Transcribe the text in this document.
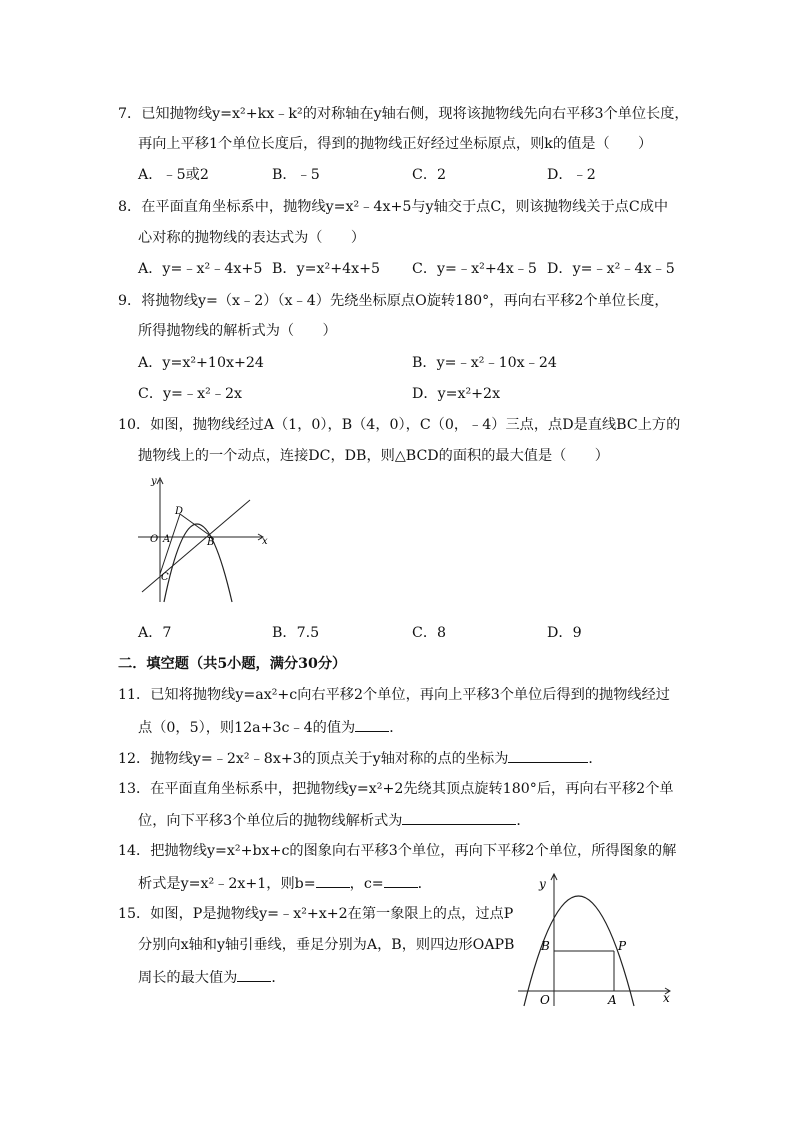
7．已知抛物线y=x²+kx﹣k²的对称轴在y轴右侧，现将该抛物线先向右平移3个单位长度，
再向上平移1个单位长度后，得到的抛物线正好经过坐标原点，则k的值是（　　）
A．﹣5或2	B．﹣5	C．2	D．﹣2
8．在平面直角坐标系中，抛物线y=x²﹣4x+5与y轴交于点C，则该抛物线关于点C成中
心对称的抛物线的表达式为（　　）
A．y=﹣x²﹣4x+5 B．y=x²+4x+5 C．y=﹣x²+4x﹣5 D．y=﹣x²﹣4x﹣5
9．将抛物线y=（x﹣2）（x﹣4）先绕坐标原点O旋转180°，再向右平移2个单位长度，
所得抛物线的解析式为（　　）
A．y=x²+10x+24	B．y=﹣x²﹣10x﹣24
C．y=﹣x²﹣2x	D．y=x²+2x
10．如图，抛物线经过A（1，0），B（4，0），C（0，﹣4）三点，点D是直线BC上方的
抛物线上的一个动点，连接DC，DB，则△BCD的面积的最大值是（　　）
y
x
O A	B
C
D
A．7	B．7.5	C．8	D．9
二．填空题（共5小题，满分30分）
11．已知将抛物线y=ax²+c向右平移2个单位，再向上平移3个单位后得到的抛物线经过
点（0，5），则12a+3c﹣4的值为 ．
12．抛物线y=﹣2x²﹣8x+3的顶点关于y轴对称的点的坐标为	．
13．在平面直角坐标系中，把抛物线y=x²+2先绕其顶点旋转180°后，再向右平移2个单
位，向下平移3个单位后的抛物线解析式为	．
14．把抛物线y=x²+bx+c的图象向右平移3个单位，再向下平移2个单位，所得图象的解
析式是y=x²﹣2x+1，则b= ，c= ．
15．如图，P是抛物线y=﹣x²+x+2在第一象限上的点，过点P
分别向x轴和y轴引垂线，垂足分别为A，B，则四边形OAPB
周长的最大值为 ．
y
x
O	A
B	P
